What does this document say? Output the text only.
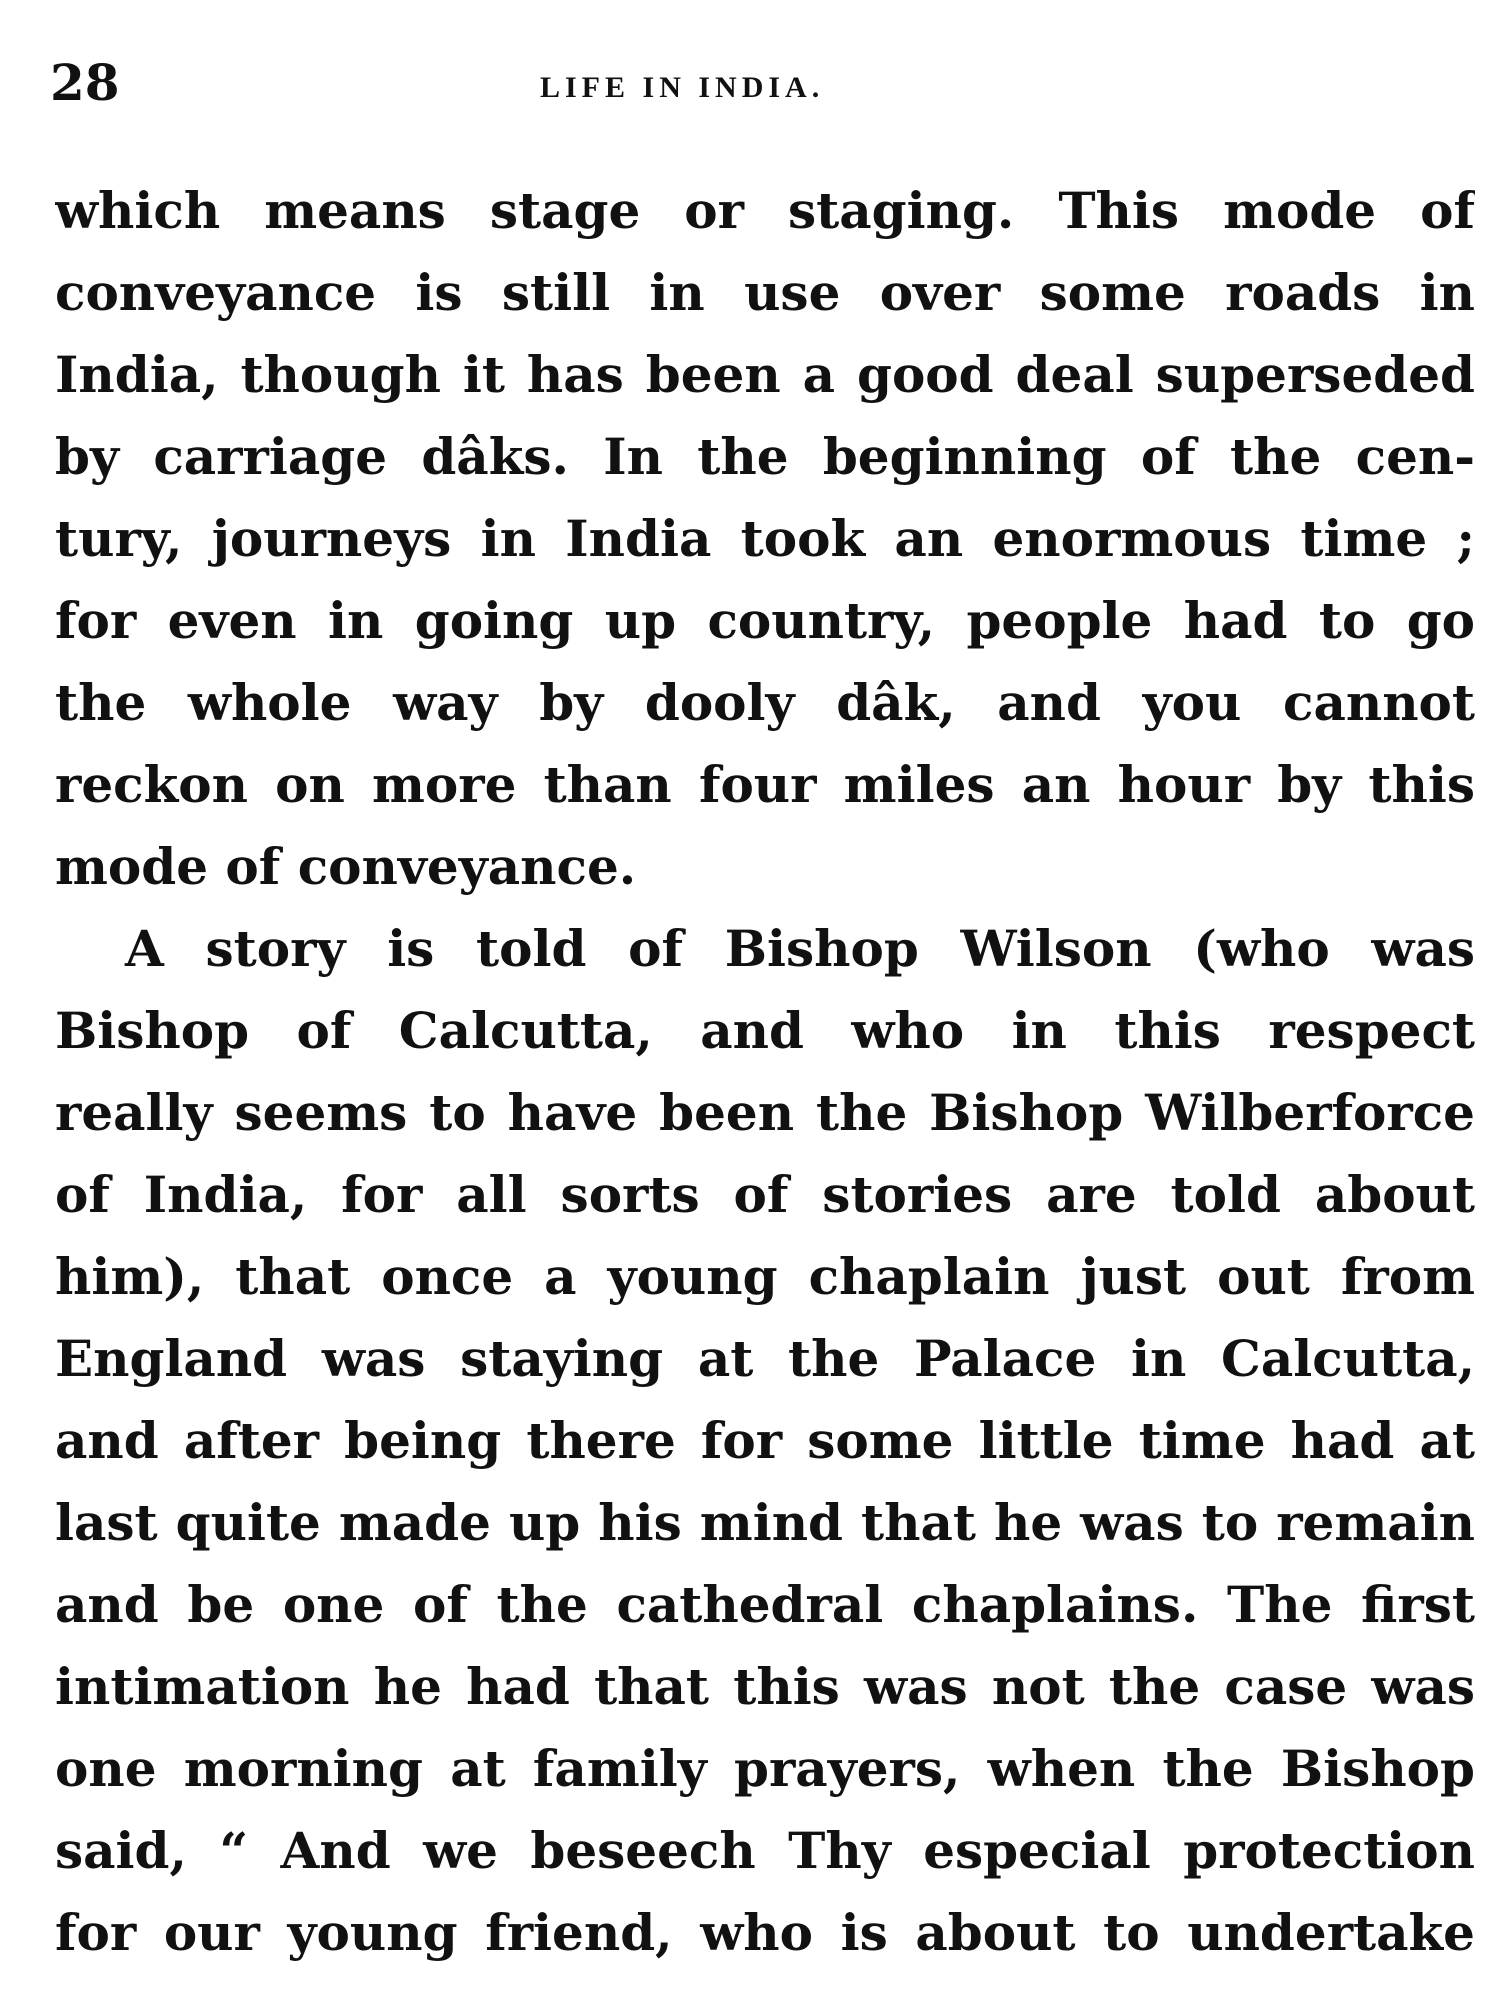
28	LIFE IN INDIA.
which means stage or staging. This mode of
conveyance is still in use over some roads in
India, though it has been a good deal superseded
by carriage dâks. In the beginning of the cen-
tury, journeys in India took an enormous time ;
for even in going up country, people had to go
the whole way by dooly dâk, and you cannot
reckon on more than four miles an hour by this
mode of conveyance.
A story is told of Bishop Wilson (who was
Bishop of Calcutta, and who in this respect
really seems to have been the Bishop Wilberforce
of India, for all sorts of stories are told about
him), that once a young chaplain just out from
England was staying at the Palace in Calcutta,
and after being there for some little time had at
last quite made up his mind that he was to remain
and be one of the cathedral chaplains. The first
intimation he had that this was not the case was
one morning at family prayers, when the Bishop
said, “ And we beseech Thy especial protection
for our young friend, who is about to undertake
